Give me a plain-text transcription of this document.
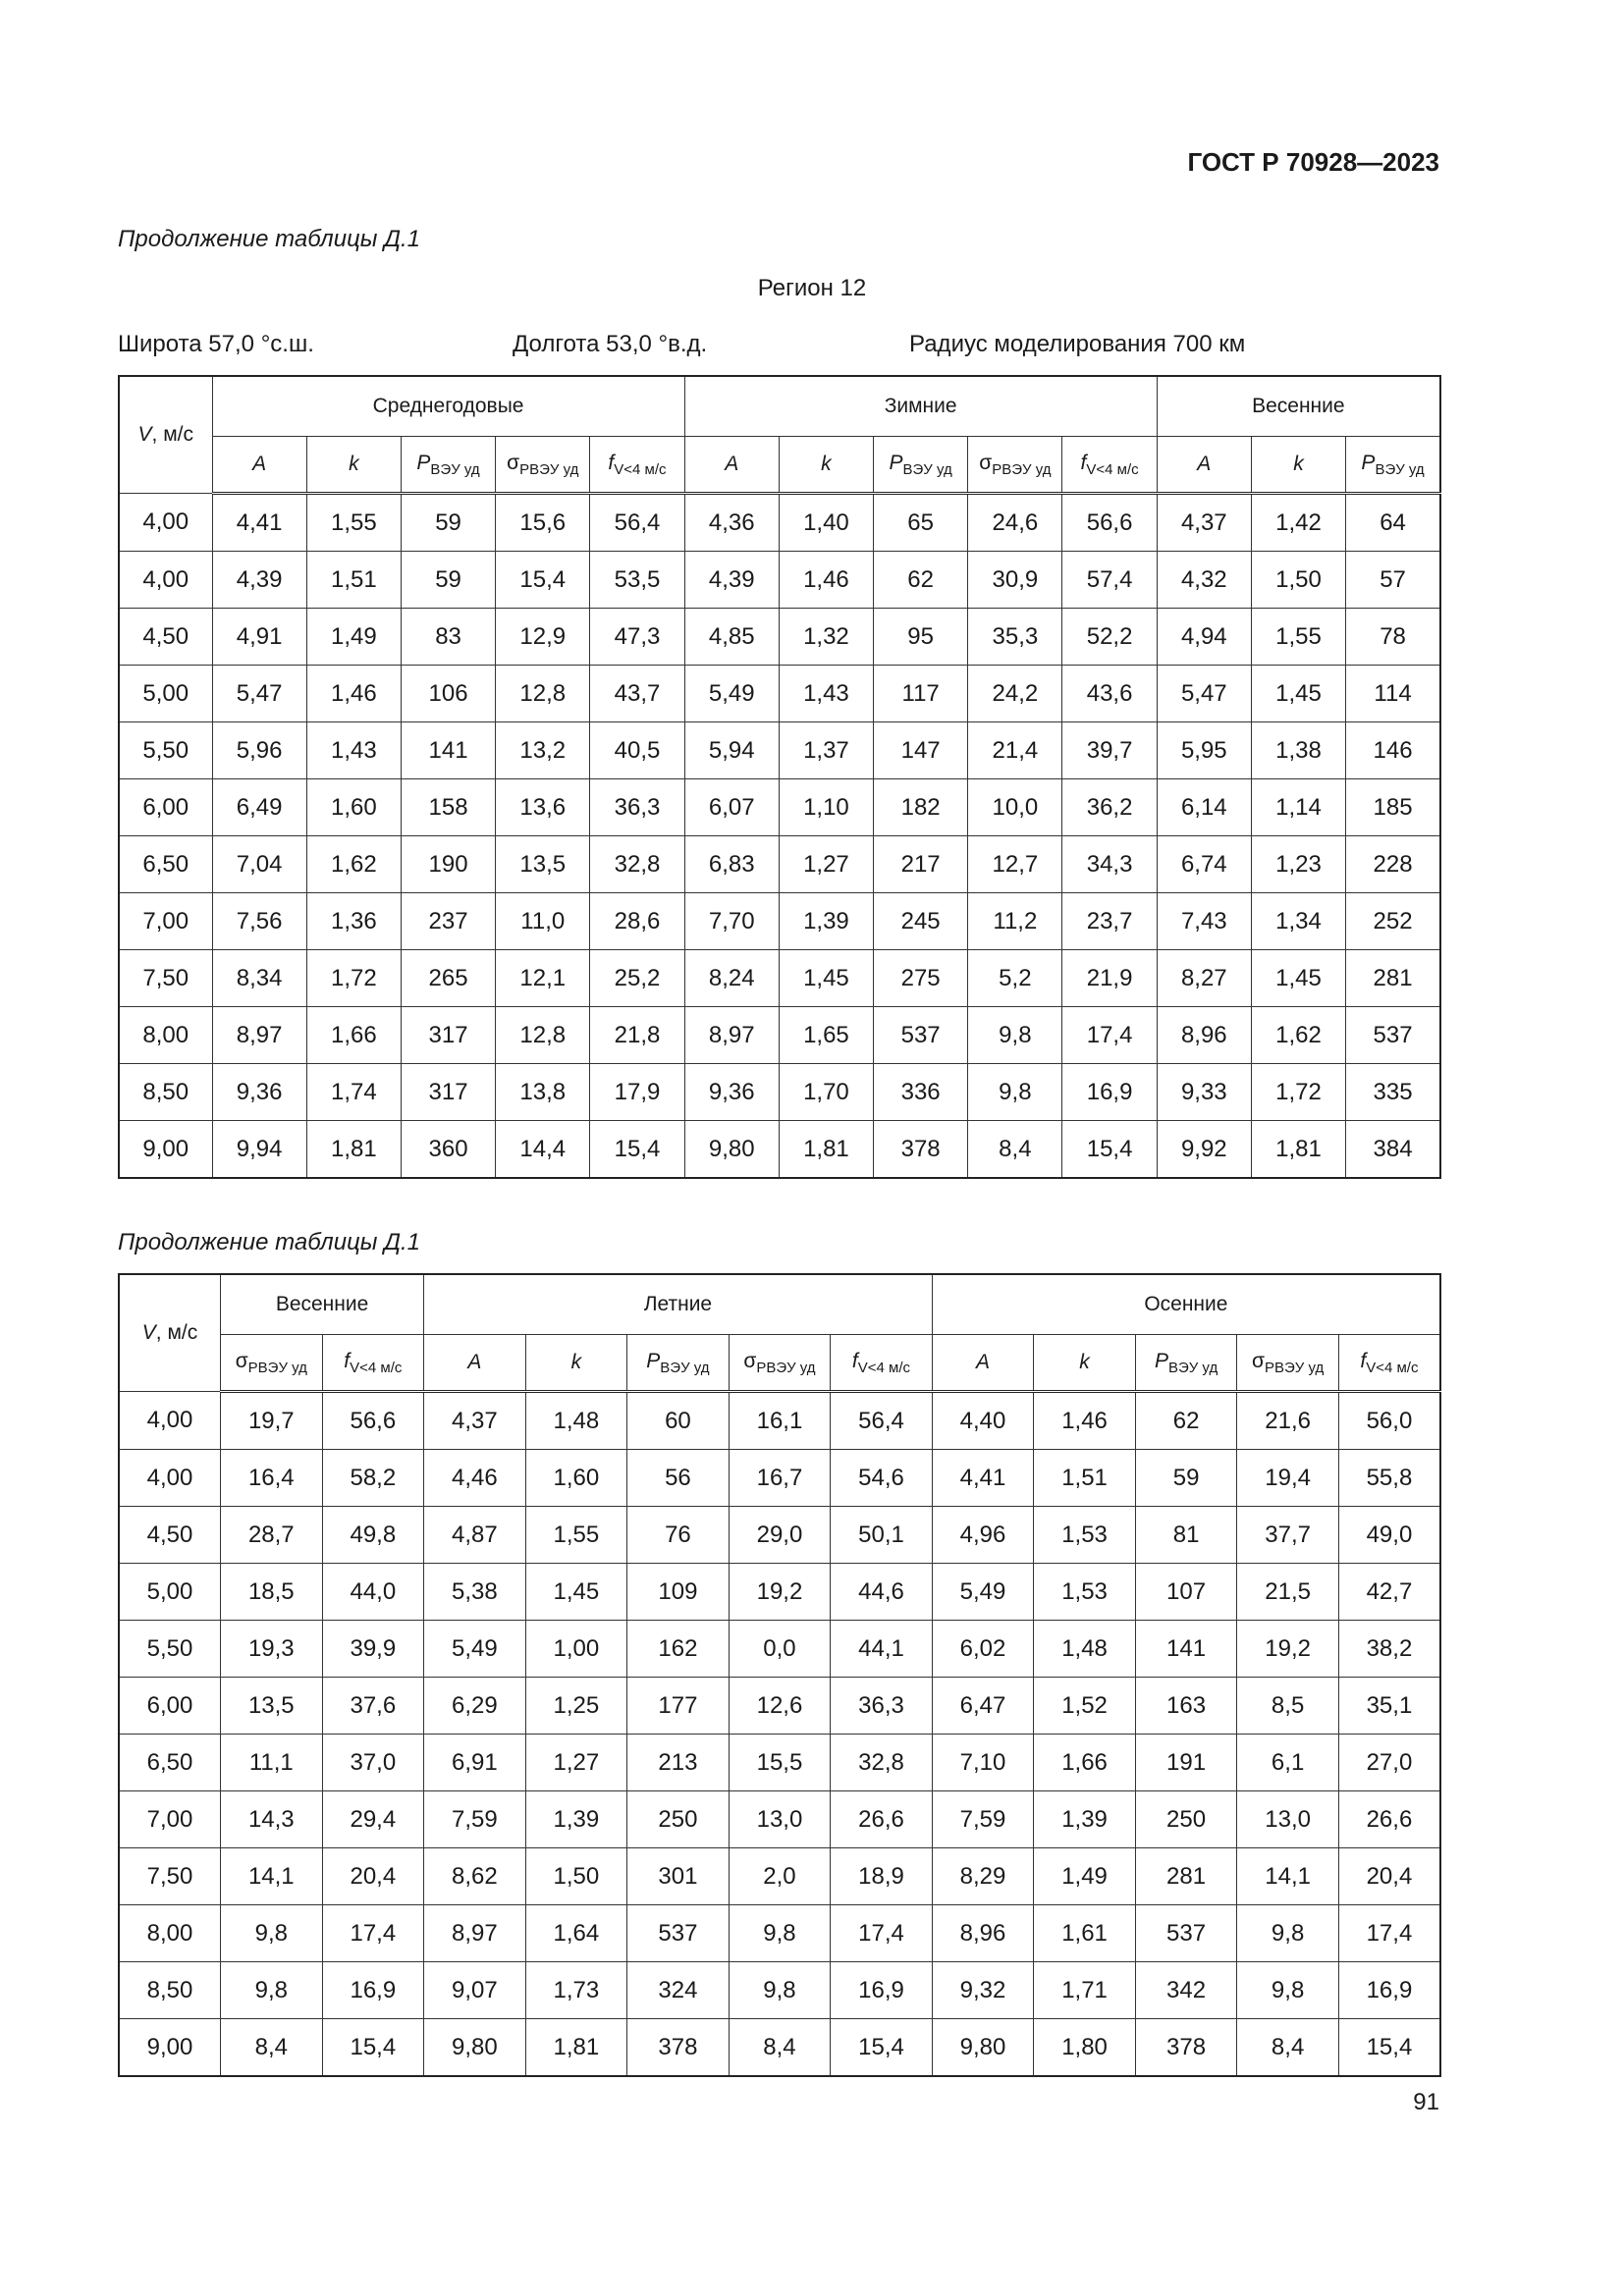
ГОСТ Р 70928—2023
Продолжение таблицы Д.1
Регион 12
Широта 57,0 °с.ш.	Долгота 53,0 °в.д.	Радиус моделирования 700 км
V, м/с	Среднегодовые					Зимние					Весенние		
	A	k	$P_{ВЭУ уд}$	$\sigma_{PВЭУ уд}$	$f_{V<4 м/с}$	A	k	$P_{ВЭУ уд}$	$\sigma_{PВЭУ уд}$	$f_{V<4 м/с}$	A	k	$P_{ВЭУ уд}$
4,00	4,41	1,55	59	15,6	56,4	4,36	1,40	65	24,6	56,6	4,37	1,42	64
4,00	4,39	1,51	59	15,4	53,5	4,39	1,46	62	30,9	57,4	4,32	1,50	57
4,50	4,91	1,49	83	12,9	47,3	4,85	1,32	95	35,3	52,2	4,94	1,55	78
5,00	5,47	1,46	106	12,8	43,7	5,49	1,43	117	24,2	43,6	5,47	1,45	114
5,50	5,96	1,43	141	13,2	40,5	5,94	1,37	147	21,4	39,7	5,95	1,38	146
6,00	6,49	1,60	158	13,6	36,3	6,07	1,10	182	10,0	36,2	6,14	1,14	185
6,50	7,04	1,62	190	13,5	32,8	6,83	1,27	217	12,7	34,3	6,74	1,23	228
7,00	7,56	1,36	237	11,0	28,6	7,70	1,39	245	11,2	23,7	7,43	1,34	252
7,50	8,34	1,72	265	12,1	25,2	8,24	1,45	275	5,2	21,9	8,27	1,45	281
8,00	8,97	1,66	317	12,8	21,8	8,97	1,65	537	9,8	17,4	8,96	1,62	537
8,50	9,36	1,74	317	13,8	17,9	9,36	1,70	336	9,8	16,9	9,33	1,72	335
9,00	9,94	1,81	360	14,4	15,4	9,80	1,81	378	8,4	15,4	9,92	1,81	384
Продолжение таблицы Д.1
V, м/с	Весенние		Летние					Осенние				
	$\sigma_{PВЭУ уд}$	$f_{V<4 м/с}$	A	k	$P_{ВЭУ уд}$	$\sigma_{PВЭУ уд}$	$f_{V<4 м/с}$	A	k	$P_{ВЭУ уд}$	$\sigma_{PВЭУ уд}$	$f_{V<4 м/с}$
4,00	19,7	56,6	4,37	1,48	60	16,1	56,4	4,40	1,46	62	21,6	56,0
4,00	16,4	58,2	4,46	1,60	56	16,7	54,6	4,41	1,51	59	19,4	55,8
4,50	28,7	49,8	4,87	1,55	76	29,0	50,1	4,96	1,53	81	37,7	49,0
5,00	18,5	44,0	5,38	1,45	109	19,2	44,6	5,49	1,53	107	21,5	42,7
5,50	19,3	39,9	5,49	1,00	162	0,0	44,1	6,02	1,48	141	19,2	38,2
6,00	13,5	37,6	6,29	1,25	177	12,6	36,3	6,47	1,52	163	8,5	35,1
6,50	11,1	37,0	6,91	1,27	213	15,5	32,8	7,10	1,66	191	6,1	27,0
7,00	14,3	29,4	7,59	1,39	250	13,0	26,6	7,59	1,39	250	13,0	26,6
7,50	14,1	20,4	8,62	1,50	301	2,0	18,9	8,29	1,49	281	14,1	20,4
8,00	9,8	17,4	8,97	1,64	537	9,8	17,4	8,96	1,61	537	9,8	17,4
8,50	9,8	16,9	9,07	1,73	324	9,8	16,9	9,32	1,71	342	9,8	16,9
9,00	8,4	15,4	9,80	1,81	378	8,4	15,4	9,80	1,80	378	8,4	15,4
91
